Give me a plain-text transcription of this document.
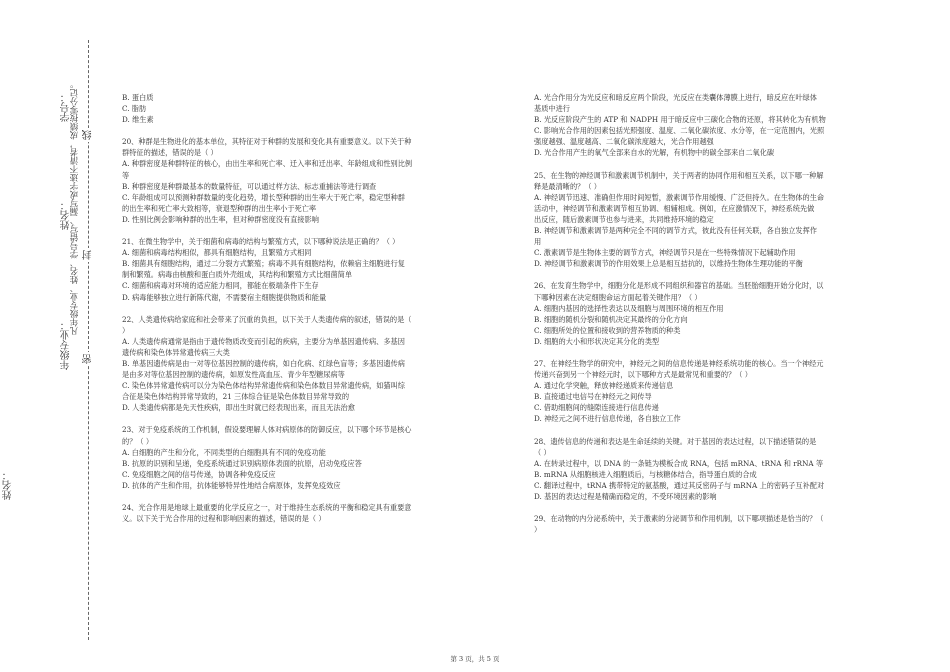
姓名：
姓名：
学号：
年级专业：
凡年级专业、姓名、学号错写、漏写或字迹不清者，成绩按零分记。
密
封
线

B. 蛋白质

C. 脂肪

D. 维生素

20、种群是生物进化的基本单位，其特征对于种群的发展和变化具有重要意义。以下关于种

群特征的描述，错误的是（ ）

A. 种群密度是种群特征的核心，由出生率和死亡率、迁入率和迁出率、年龄组成和性别比例

等

B. 种群密度是种群最基本的数量特征，可以通过样方法、标志重捕法等进行调查

C. 年龄组成可以预测种群数量的变化趋势，增长型种群的出生率大于死亡率，稳定型种群

的出生率和死亡率大致相等，衰退型种群的出生率小于死亡率

D. 性别比例会影响种群的出生率，但对种群密度没有直接影响

21、在微生物学中，关于细菌和病毒的结构与繁殖方式，以下哪种说法是正确的？（ ）

A. 细菌和病毒结构相似，都具有细胞结构，且繁殖方式相同

B. 细菌具有细胞结构，通过二分裂方式繁殖；病毒不具有细胞结构，依赖宿主细胞进行复

制和繁殖。病毒由核酸和蛋白质外壳组成，其结构和繁殖方式比细菌简单

C. 细菌和病毒对环境的适应能力相同，都能在极端条件下生存

D. 病毒能够独立进行新陈代谢，不需要宿主细胞提供物质和能量

22、人类遗传病给家庭和社会带来了沉重的负担，以下关于人类遗传病的叙述，错误的是（

）

A. 人类遗传病通常是指由于遗传物质改变而引起的疾病，主要分为单基因遗传病、多基因

遗传病和染色体异常遗传病三大类

B. 单基因遗传病是由一对等位基因控制的遗传病，如白化病、红绿色盲等；多基因遗传病

是由多对等位基因控制的遗传病，如原发性高血压、青少年型糖尿病等

C. 染色体异常遗传病可以分为染色体结构异常遗传病和染色体数目异常遗传病，如猫叫综

合征是染色体结构异常导致的，21 三体综合征是染色体数目异常导致的

D. 人类遗传病都是先天性疾病，即出生时就已经表现出来，而且无法治愈

23、对于免疫系统的工作机制，假设要理解人体对病原体的防御反应，以下哪个环节是核心

的？（ ）

A. 白细胞的产生和分化，不同类型的白细胞具有不同的免疫功能

B. 抗原的识别和呈递，免疫系统通过识别病原体表面的抗原，启动免疫应答

C. 免疫细胞之间的信号传递，协调各种免疫反应

D. 抗体的产生和作用，抗体能够特异性地结合病原体，发挥免疫效应

24、光合作用是地球上最重要的化学反应之一，对于维持生态系统的平衡和稳定具有重要意

义。以下关于光合作用的过程和影响因素的描述，错误的是（ ）

A. 光合作用分为光反应和暗反应两个阶段，光反应在类囊体薄膜上进行，暗反应在叶绿体

基质中进行

B. 光反应阶段产生的 ATP 和 NADPH 用于暗反应中三碳化合物的还原，将其转化为有机物

C. 影响光合作用的因素包括光照强度、温度、二氧化碳浓度、水分等，在一定范围内，光照

强度越强、温度越高、二氧化碳浓度越大，光合作用越强

D. 光合作用产生的氧气全部来自水的光解，有机物中的碳全部来自二氧化碳

25、在生物的神经调节和激素调节机制中，关于两者的协同作用和相互关系，以下哪一种解

释是最清晰的？（ ）

A. 神经调节迅速、准确但作用时间短暂，激素调节作用缓慢、广泛但持久。在生物体的生命

活动中，神经调节和激素调节相互协调、相辅相成。例如，在应激情况下，神经系统先做

出反应，随后激素调节也参与进来，共同维持环境的稳定

B. 神经调节和激素调节是两种完全不同的调节方式，彼此没有任何关联，各自独立发挥作

用

C. 激素调节是生物体主要的调节方式，神经调节只是在一些特殊情况下起辅助作用

D. 神经调节和激素调节的作用效果上总是相互拮抗的，以维持生物体生理功能的平衡

26、在发育生物学中，细胞分化是形成不同组织和器官的基础。当胚胎细胞开始分化时，以

下哪种因素在决定细胞命运方面起着关键作用？（ ）

A. 细胞内基因的选择性表达以及细胞与周围环境的相互作用

B. 细胞的随机分裂和随机决定其最终的分化方向

C. 细胞所处的位置和接收到的营养物质的种类

D. 细胞的大小和形状决定其分化的类型

27、在神经生物学的研究中，神经元之间的信息传递是神经系统功能的核心。当一个神经元

传递兴奋到另一个神经元时，以下哪种方式是最常见和重要的？（ ）

A. 通过化学突触，释放神经递质来传递信息

B. 直接通过电信号在神经元之间传导

C. 借助细胞间的缝隙连接进行信息传递

D. 神经元之间不进行信息传递，各自独立工作

28、遗传信息的传递和表达是生命延续的关键。对于基因的表达过程，以下描述错误的是

（ ）

A. 在转录过程中，以 DNA 的一条链为模板合成 RNA，包括 mRNA、tRNA 和 rRNA 等

B. mRNA 从细胞核进入细胞质后，与核糖体结合，指导蛋白质的合成

C. 翻译过程中，tRNA 携带特定的氨基酸，通过其反密码子与 mRNA 上的密码子互补配对

D. 基因的表达过程是精确而稳定的，不受环境因素的影响

29、在动物的内分泌系统中，关于激素的分泌调节和作用机制，以下哪项描述是恰当的？（

）

第 3 页，共 5 页
